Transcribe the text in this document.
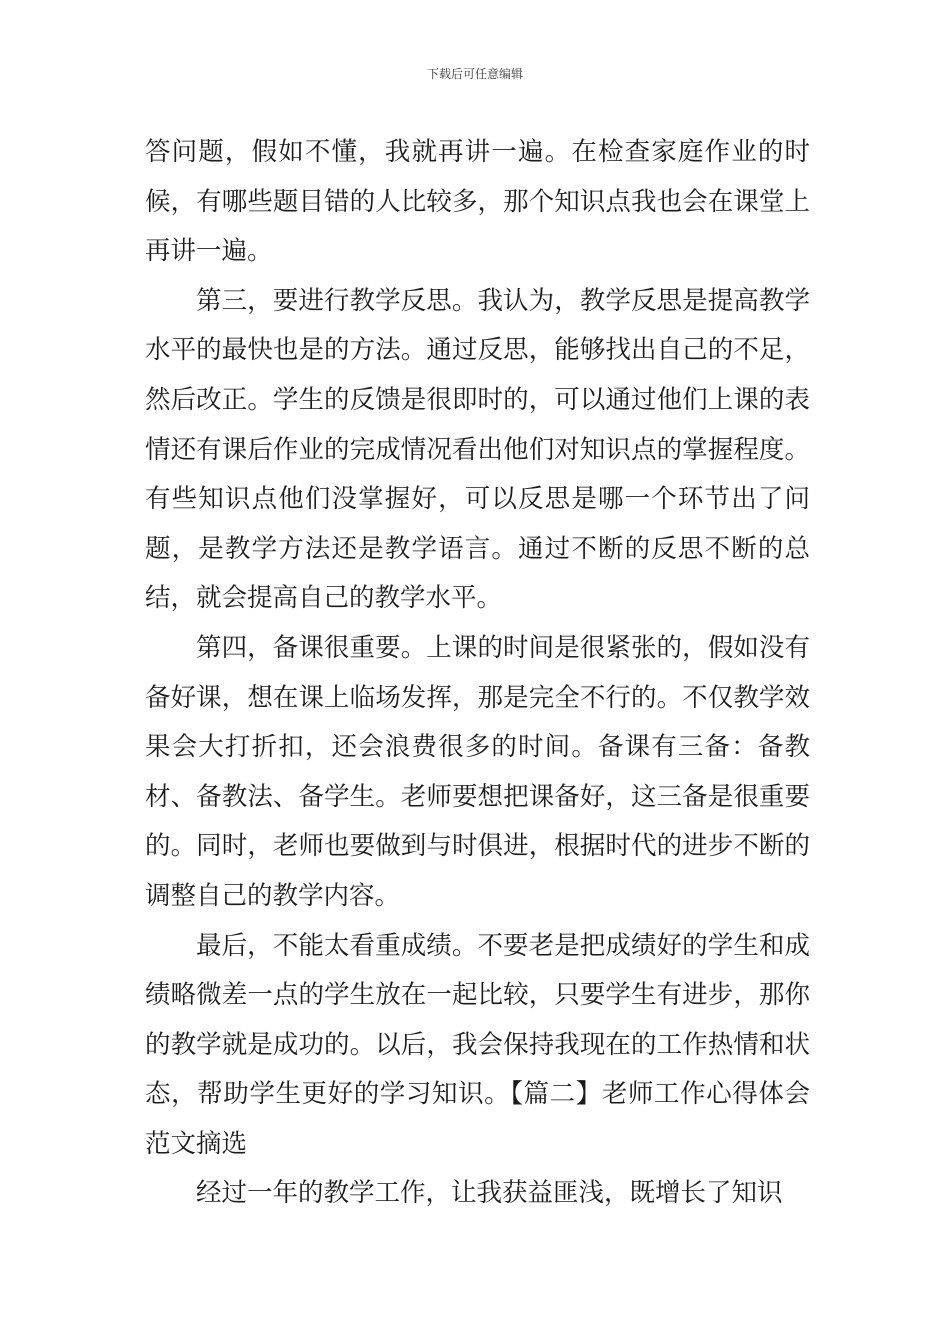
下载后可任意编辑

答问题，假如不懂，我就再讲一遍。在检查家庭作业的时候，有哪些题目错的人比较多，那个知识点我也会在课堂上再讲一遍。

第三，要进行教学反思。我认为，教学反思是提高教学水平的最快也是的方法。通过反思，能够找出自己的不足，然后改正。学生的反馈是很即时的，可以通过他们上课的表情还有课后作业的完成情况看出他们对知识点的掌握程度。有些知识点他们没掌握好，可以反思是哪一个环节出了问题，是教学方法还是教学语言。通过不断的反思不断的总结，就会提高自己的教学水平。

第四，备课很重要。上课的时间是很紧张的，假如没有备好课，想在课上临场发挥，那是完全不行的。不仅教学效果会大打折扣，还会浪费很多的时间。备课有三备：备教材、备教法、备学生。老师要想把课备好，这三备是很重要的。同时，老师也要做到与时俱进，根据时代的进步不断的调整自己的教学内容。

最后，不能太看重成绩。不要老是把成绩好的学生和成绩略微差一点的学生放在一起比较，只要学生有进步，那你的教学就是成功的。以后，我会保持我现在的工作热情和状态，帮助学生更好的学习知识。【篇二】老师工作心得体会范文摘选

经过一年的教学工作，让我获益匪浅，既增长了知识
